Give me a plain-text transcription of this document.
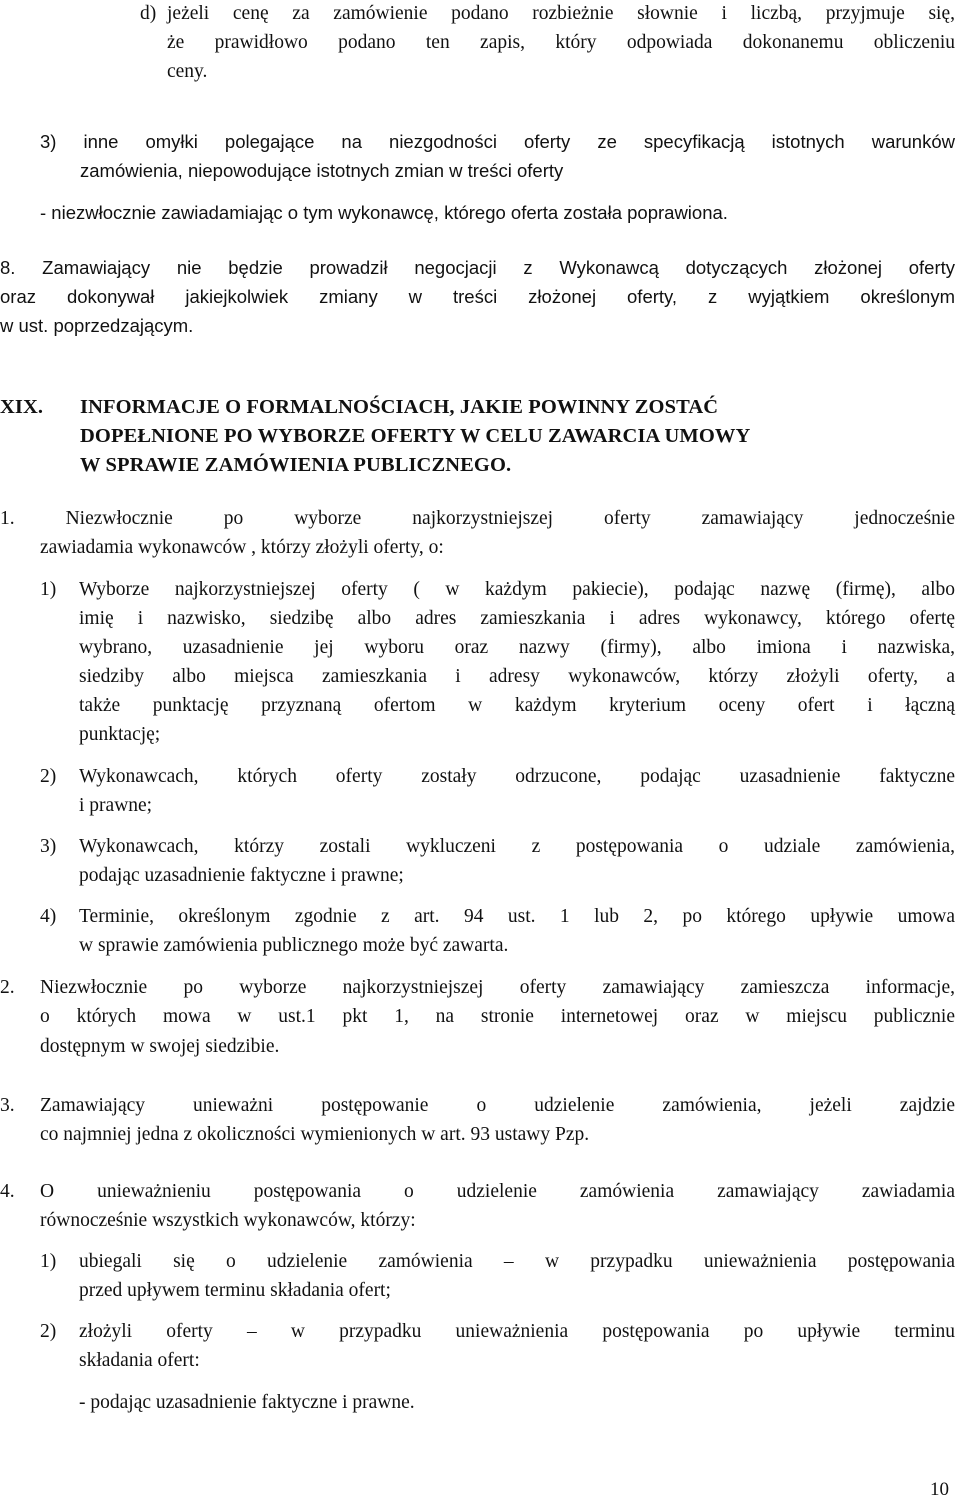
d) jeżeli cenę za zamówienie podano rozbieżnie słownie i liczbą, przyjmuje się,
że prawidłowo podano ten zapis, który odpowiada dokonanemu obliczeniu
ceny.
3) inne omyłki polegające na niezgodności oferty ze specyfikacją istotnych warunków
zamówienia, niepowodujące istotnych zmian w treści oferty
- niezwłocznie zawiadamiając o tym wykonawcę, którego oferta została poprawiona.
8. Zamawiający nie będzie prowadził negocjacji z Wykonawcą dotyczących złożonej oferty
oraz dokonywał jakiejkolwiek zmiany w treści złożonej oferty, z wyjątkiem określonym
w ust. poprzedzającym.
XIX. INFORMACJE O FORMALNOŚCIACH, JAKIE POWINNY ZOSTAĆ
DOPEŁNIONE PO WYBORZE OFERTY W CELU ZAWARCIA UMOWY
W SPRAWIE ZAMÓWIENIA PUBLICZNEGO.
1. Niezwłocznie po wyborze najkorzystniejszej oferty zamawiający jednocześnie
zawiadamia wykonawców , którzy złożyli oferty, o:
1) Wyborze najkorzystniejszej oferty ( w każdym pakiecie), podając nazwę (firmę), albo
imię i nazwisko, siedzibę albo adres zamieszkania i adres wykonawcy, którego ofertę
wybrano, uzasadnienie jej wyboru oraz nazwy (firmy), albo imiona i nazwiska,
siedziby albo miejsca zamieszkania i adresy wykonawców, którzy złożyli oferty, a
także punktację przyznaną ofertom w każdym kryterium oceny ofert i łączną
punktację;
2) Wykonawcach, których oferty zostały odrzucone, podając uzasadnienie faktyczne
i prawne;
3) Wykonawcach, którzy zostali wykluczeni z postępowania o udziale zamówienia,
podając uzasadnienie faktyczne i prawne;
4) Terminie, określonym zgodnie z art. 94 ust. 1 lub 2, po którego upływie umowa
w sprawie zamówienia publicznego może być zawarta.
2. Niezwłocznie po wyborze najkorzystniejszej oferty zamawiający zamieszcza informacje,
o których mowa w ust.1 pkt 1, na stronie internetowej oraz w miejscu publicznie
dostępnym w swojej siedzibie.
3. Zamawiający unieważni postępowanie o udzielenie zamówienia, jeżeli zajdzie
co najmniej jedna z okoliczności wymienionych w art. 93 ustawy Pzp.
4. O unieważnieniu postępowania o udzielenie zamówienia zamawiający zawiadamia
równocześnie wszystkich wykonawców, którzy:
1) ubiegali się o udzielenie zamówienia – w przypadku unieważnienia postępowania
przed upływem terminu składania ofert;
2) złożyli oferty – w przypadku unieważnienia postępowania po upływie terminu
składania ofert:
- podając uzasadnienie faktyczne i prawne.
10
